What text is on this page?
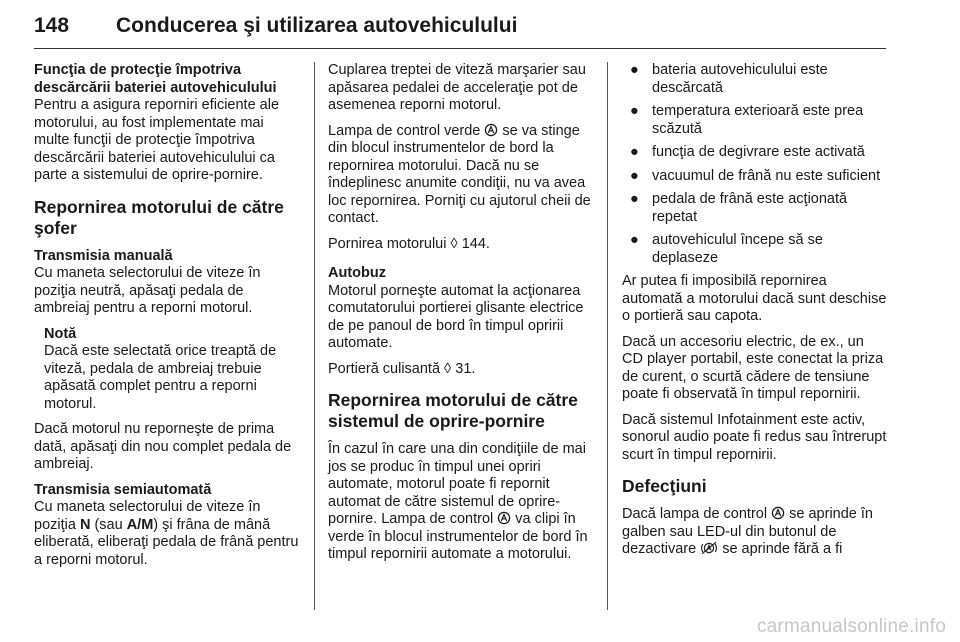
148 Conducerea şi utilizarea autovehiculului

Funcţia de protecţie împotriva descărcării bateriei autovehiculului

Pentru a asigura reporniri eficiente ale motorului, au fost implementate mai multe funcţii de protecţie împotriva descărcării bateriei autovehiculului ca parte a sistemului de oprire-pornire.

Repornirea motorului de către şofer

Transmisia manuală

Cu maneta selectorului de viteze în poziţia neutră, apăsaţi pedala de ambreiaj pentru a reporni motorul.

Notă
Dacă este selectată orice treaptă de viteză, pedala de ambreiaj trebuie apăsată complet pentru a reporni motorul.

Dacă motorul nu reporneşte de prima dată, apăsaţi din nou complet pedala de ambreiaj.

Transmisia semiautomată

Cu maneta selectorului de viteze în poziţia N (sau A/M) şi frâna de mână eliberată, eliberaţi pedala de frână pentru a reporni motorul.

Cuplarea treptei de viteză marşarier sau apăsarea pedalei de acceleraţie pot de asemenea reporni motorul.

Lampa de control verde  se va stinge din blocul instrumentelor de bord la repornirea motorului. Dacă nu se îndeplinesc anumite condiţii, nu va avea loc repornirea. Porniţi cu ajutorul cheii de contact.

Pornirea motorului ◊ 144.

Autobuz

Motorul porneşte automat la acţionarea comutatorului portierei glisante electrice de pe panoul de bord în timpul opririi automate.

Portieră culisantă ◊ 31.

Repornirea motorului de către sistemul de oprire-pornire

În cazul în care una din condiţiile de mai jos se produc în timpul unei opriri automate, motorul poate fi repornit automat de către sistemul de oprire-pornire. Lampa de control  va clipi în verde în blocul instrumentelor de bord în timpul repornirii automate a motorului.

● bateria autovehiculului este descărcată
● temperatura exterioară este prea scăzută
● funcţia de degivrare este activată
● vacuumul de frână nu este suficient
● pedala de frână este acţionată repetat
● autovehiculul începe să se deplaseze

Ar putea fi imposibilă repornirea automată a motorului dacă sunt deschise o portieră sau capota.

Dacă un accesoriu electric, de ex., un CD player portabil, este conectat la priza de curent, o scurtă cădere de tensiune poate fi observată în timpul repornirii.

Dacă sistemul Infotainment este activ, sonorul audio poate fi redus sau întrerupt scurt în timpul repornirii.

Defecţiuni

Dacă lampa de control  se aprinde în galben sau LED-ul din butonul de dezactivare  se aprinde fără a fi

carmanualsonline.info
